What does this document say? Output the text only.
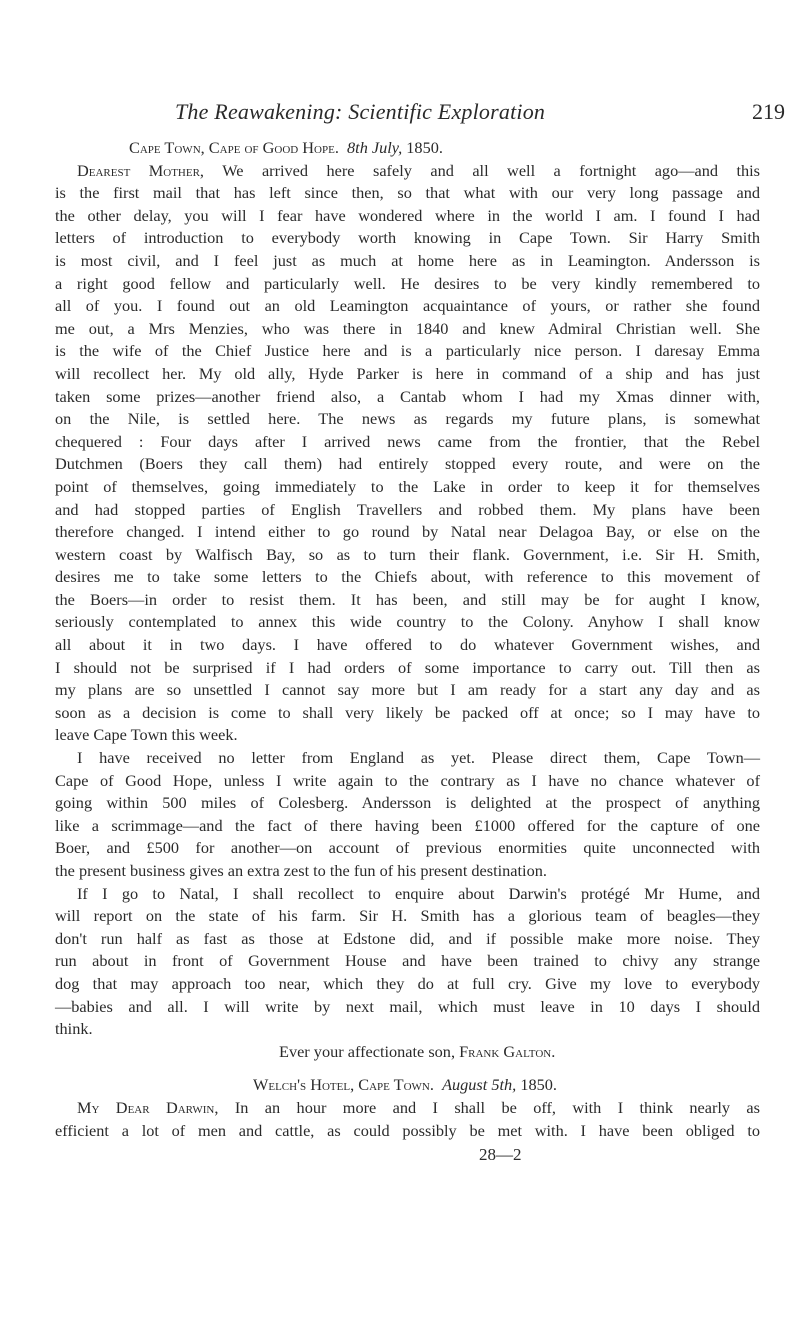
The Reawakening: Scientific Exploration	219
Cape Town, Cape of Good Hope. 8th July, 1850.
Dearest Mother, We arrived here safely and all well a fortnight ago—and this
is the first mail that has left since then, so that what with our very long passage and
the other delay, you will I fear have wondered where in the world I am. I found I had
letters of introduction to everybody worth knowing in Cape Town. Sir Harry Smith
is most civil, and I feel just as much at home here as in Leamington. Andersson is
a right good fellow and particularly well. He desires to be very kindly remembered to
all of you. I found out an old Leamington acquaintance of yours, or rather she found
me out, a Mrs Menzies, who was there in 1840 and knew Admiral Christian well. She
is the wife of the Chief Justice here and is a particularly nice person. I daresay Emma
will recollect her. My old ally, Hyde Parker is here in command of a ship and has just
taken some prizes—another friend also, a Cantab whom I had my Xmas dinner with,
on the Nile, is settled here. The news as regards my future plans, is somewhat
chequered : Four days after I arrived news came from the frontier, that the Rebel
Dutchmen (Boers they call them) had entirely stopped every route, and were on the
point of themselves, going immediately to the Lake in order to keep it for themselves
and had stopped parties of English Travellers and robbed them. My plans have been
therefore changed. I intend either to go round by Natal near Delagoa Bay, or else on the
western coast by Walfisch Bay, so as to turn their flank. Government, i.e. Sir H. Smith,
desires me to take some letters to the Chiefs about, with reference to this movement of
the Boers—in order to resist them. It has been, and still may be for aught I know,
seriously contemplated to annex this wide country to the Colony. Anyhow I shall know
all about it in two days. I have offered to do whatever Government wishes, and
I should not be surprised if I had orders of some importance to carry out. Till then as
my plans are so unsettled I cannot say more but I am ready for a start any day and as
soon as a decision is come to shall very likely be packed off at once; so I may have to
leave Cape Town this week.
I have received no letter from England as yet. Please direct them, Cape Town—
Cape of Good Hope, unless I write again to the contrary as I have no chance whatever of
going within 500 miles of Colesberg. Andersson is delighted at the prospect of anything
like a scrimmage—and the fact of there having been £1000 offered for the capture of one
Boer, and £500 for another—on account of previous enormities quite unconnected with
the present business gives an extra zest to the fun of his present destination.
If I go to Natal, I shall recollect to enquire about Darwin's protégé Mr Hume, and
will report on the state of his farm. Sir H. Smith has a glorious team of beagles—they
don't run half as fast as those at Edstone did, and if possible make more noise. They
run about in front of Government House and have been trained to chivy any strange
dog that may approach too near, which they do at full cry. Give my love to everybody
—babies and all. I will write by next mail, which must leave in 10 days I should
think.
Ever your affectionate son, Frank Galton.
Welch's Hotel, Cape Town. August 5th, 1850.
My Dear Darwin, In an hour more and I shall be off, with I think nearly as
efficient a lot of men and cattle, as could possibly be met with. I have been obliged to
28—2
